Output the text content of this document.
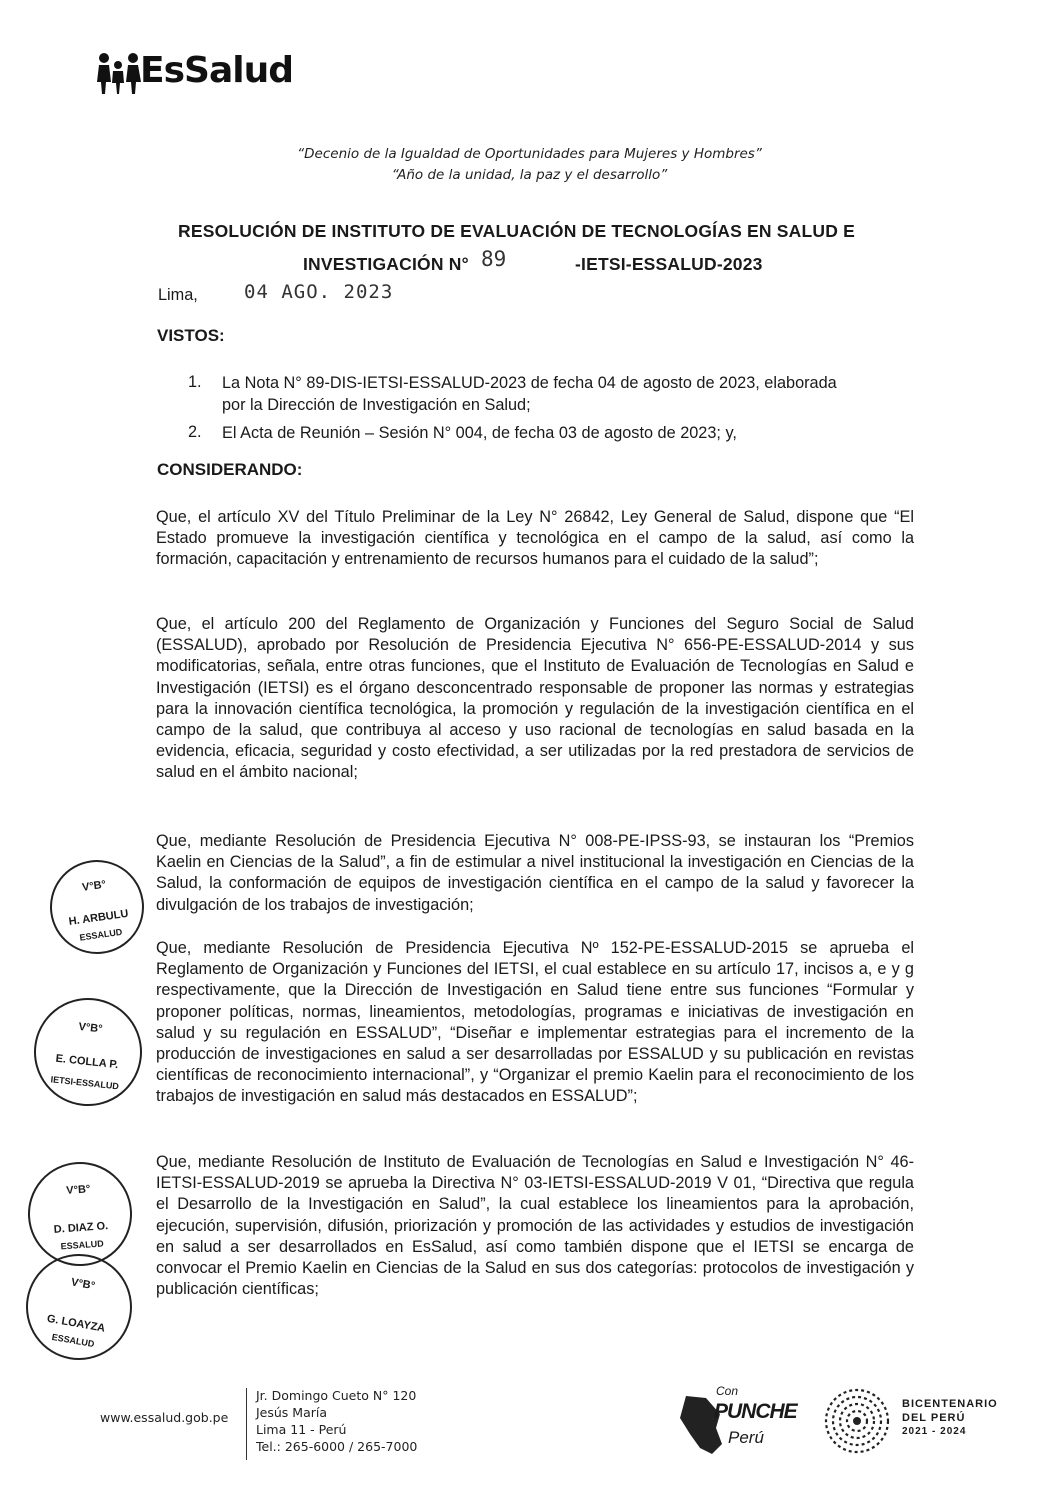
EsSalud
“Decenio de la Igualdad de Oportunidades para Mujeres y Hombres”
“Año de la unidad, la paz y el desarrollo”
RESOLUCIÓN DE INSTITUTO DE EVALUACIÓN DE TECNOLOGÍAS EN SALUD E
INVESTIGACIÓN N° 89	-IETSI-ESSALUD-2023
Lima, 04 AGO. 2023
VISTOS:
1. La Nota N° 89-DIS-IETSI-ESSALUD-2023 de fecha 04 de agosto de 2023, elaborada
por la Dirección de Investigación en Salud;
2. El Acta de Reunión – Sesión N° 004, de fecha 03 de agosto de 2023; y,
CONSIDERANDO:
Que, el artículo XV del Título Preliminar de la Ley N° 26842, Ley General de Salud, dispone que “El Estado promueve la investigación científica y tecnológica en el campo de la salud, así como la formación, capacitación y entrenamiento de recursos humanos para el cuidado de la salud”;
Que, el artículo 200 del Reglamento de Organización y Funciones del Seguro Social de Salud (ESSALUD), aprobado por Resolución de Presidencia Ejecutiva N° 656-PE-ESSALUD-2014 y sus modificatorias, señala, entre otras funciones, que el Instituto de Evaluación de Tecnologías en Salud e Investigación (IETSI) es el órgano desconcentrado responsable de proponer las normas y estrategias para la innovación científica tecnológica, la promoción y regulación de la investigación científica en el campo de la salud, que contribuya al acceso y uso racional de tecnologías en salud basada en la evidencia, eficacia, seguridad y costo efectividad, a ser utilizadas por la red prestadora de servicios de salud en el ámbito nacional;
Que, mediante Resolución de Presidencia Ejecutiva N° 008-PE-IPSS-93, se instauran los “Premios Kaelin en Ciencias de la Salud”, a fin de estimular a nivel institucional la investigación en Ciencias de la Salud, la conformación de equipos de investigación científica en el campo de la salud y favorecer la divulgación de los trabajos de investigación;
Que, mediante Resolución de Presidencia Ejecutiva Nº 152-PE-ESSALUD-2015 se aprueba el Reglamento de Organización y Funciones del IETSI, el cual establece en su artículo 17, incisos a, e y g respectivamente, que la Dirección de Investigación en Salud tiene entre sus funciones “Formular y proponer políticas, normas, lineamientos, metodologías, programas e iniciativas de investigación en salud y su regulación en ESSALUD”, “Diseñar e implementar estrategias para el incremento de la producción de investigaciones en salud a ser desarrolladas por ESSALUD y su publicación en revistas científicas de reconocimiento internacional”, y “Organizar el premio Kaelin para el reconocimiento de los trabajos de investigación en salud más destacados en ESSALUD”;
Que, mediante Resolución de Instituto de Evaluación de Tecnologías en Salud e Investigación N° 46-IETSI-ESSALUD-2019 se aprueba la Directiva N° 03-IETSI-ESSALUD-2019 V 01, “Directiva que regula el Desarrollo de la Investigación en Salud”, la cual establece los lineamientos para la aprobación, ejecución, supervisión, difusión, priorización y promoción de las actividades y estudios de investigación en salud a ser desarrollados en EsSalud, así como también dispone que el IETSI se encarga de convocar el Premio Kaelin en Ciencias de la Salud en sus dos categorías: protocolos de investigación y publicación científicas;
V°B°
H. ARBULU
ESSALUD
V°B°
E. COLLA P.
IETSI-ESSALUD
V°B°
D. DIAZ O.
ESSALUD
V°B°
G. LOAYZA
ESSALUD
www.essalud.gob.pe
Jr. Domingo Cueto N° 120
Jesús María
Lima 11 - Perú
Tel.: 265-6000 / 265-7000
Con
PUNCHE
Perú
BICENTENARIO
DEL PERÚ
2021 - 2024
